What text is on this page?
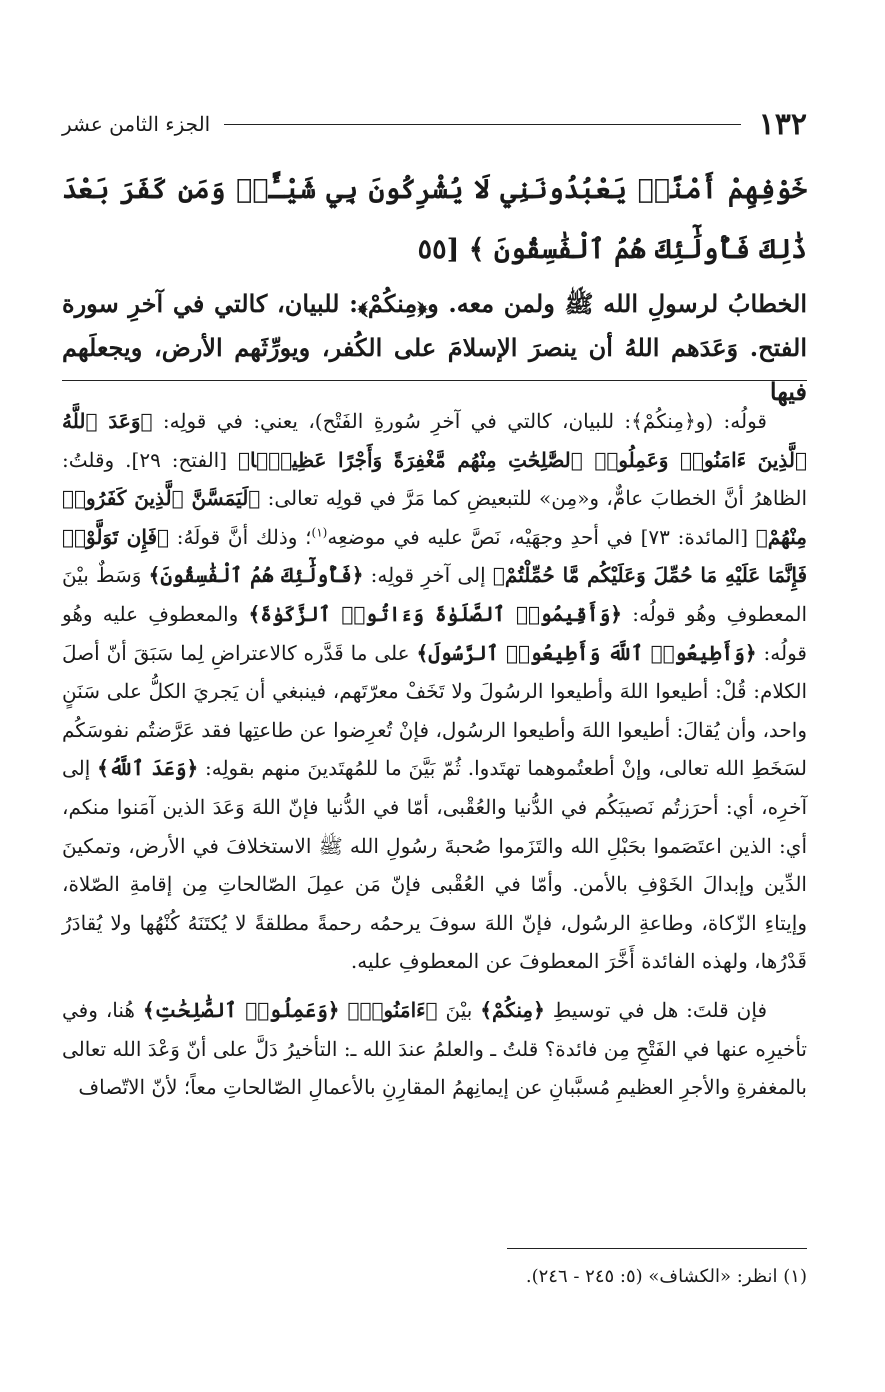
١٣٢
الجزء الثامن عشر
خَوْفِهِمْ أَمْنًاۚ يَعْبُدُونَنِي لَا يُشْرِكُونَ بِي شَيْـًٔاۚ وَمَن كَفَرَ بَعْدَ ذَٰلِكَ فَأُولَٰٓئِكَ هُمُ ٱلْفَٰسِقُونَ ﴾ [٥٥
الخطابُ لرسولِ الله ﷺ ولمن معه. و﴿مِنكُمْ﴾: للبيان، كالتي في آخرِ سورة الفتح. وَعَدَهم اللهُ أن ينصرَ الإسلامَ على الكُفر، ويورِّثَهم الأرض، ويجعلَهم فيها

قولُه: (و﴿مِنكُمْ﴾: للبيان، كالتي في آخرِ سُورةِ الفَتْح)، يعني: في قولِه: ﴿وَعَدَ ٱللَّهُ ٱلَّذِينَ ءَامَنُوا۟ وَعَمِلُوا۟ ٱلصَّٰلِحَٰتِ مِنْهُم مَّغْفِرَةً وَأَجْرًا عَظِيمًۢا﴾ [الفتح: ٢٩]. وقلتُ: الظاهرُ أنَّ الخطابَ عامٌّ، و«مِن» للتبعيضِ كما مَرَّ في قولِه تعالى: ﴿لَيَمَسَّنَّ ٱلَّذِينَ كَفَرُوا۟ مِنْهُمْ﴾ [المائدة: ٧٣] في أحدِ وجهَيْه، نَصَّ عليه في موضعِه$^{(١)}$؛ وذلك أنَّ قولَهُ: ﴿فَإِن تَوَلَّوْا۟ فَإِنَّمَا عَلَيْهِ مَا حُمِّلَ وَعَلَيْكُم مَّا حُمِّلْتُمْ﴾ إلى آخرِ قولِه: ﴿فَأُولَٰٓئِكَ هُمُ ٱلْفَٰسِقُونَ﴾ وَسَطٌ بيْنَ المعطوفِ وهُو قولُه: ﴿وَأَقِيمُوا۟ ٱلصَّلَوٰةَ وَءَاتُوا۟ ٱلزَّكَوٰةَ﴾ والمعطوفِ عليه وهُو قولُه: ﴿وَأَطِيعُوا۟ ٱللَّهَ وَأَطِيعُوا۟ ٱلرَّسُولَ﴾ على ما قَدَّره كالاعتراضِ لِما سَبَقَ أنّ أصلَ الكلام: قُلْ: أطيعوا اللهَ وأطيعوا الرسُولَ ولا تَخَفْ معرّتَهم، فينبغي أن يَجريَ الكلُّ على سَنَنٍ واحد، وأن يُقالَ: أطيعوا اللهَ وأطيعوا الرسُول، فإنْ تُعرِضوا عن طاعتِها فقد عَرَّضتُم نفوسَكُم لسَخَطِ الله تعالى، وإنْ أطعتُموهما تهتَدوا. ثُمّ بَيَّنَ ما للمُهتَدينَ منهم بقولِه: ﴿وَعَدَ ٱللَّهُ﴾ إلى آخرِه، أي: أحرَزتُم نَصيبَكُم في الدُّنيا والعُقْبى، أمّا في الدُّنيا فإنّ اللهَ وَعَدَ الذين آمَنوا منكم، أي: الذين اعتَصَموا بحَبْلِ الله والتَزَموا صُحبةَ رسُولِ الله ﷺ الاستخلافَ في الأرض، وتمكينَ الدِّين وإبدالَ الخَوْفِ بالأمن. وأمّا في العُقْبى فإنّ مَن عمِلَ الصّالحاتِ مِن إقامةِ الصّلاة، وإيتاءِ الزّكاة، وطاعةِ الرسُول، فإنّ اللهَ سوفَ يرحمُه رحمةً مطلقةً لا يُكتَنَهُ كُنْهُها ولا يُقادَرُ قَدْرُها، ولهذه الفائدة أَخَّرَ المعطوفَ عن المعطوفِ عليه.

فإن قلتَ: هل في توسيطِ ﴿مِنكُمْ﴾ بيْنَ ﴿ءَامَنُوا۟﴾ ﴿وَعَمِلُوا۟ ٱلصَّٰلِحَٰتِ﴾ هُنا، وفي تأخيرِه عنها في الفَتْحِ مِن فائدة؟ قلتُ ـ والعلمُ عندَ الله ـ: التأخيرُ دَلَّ على أنّ وَعْدَ الله تعالى بالمغفرةِ والأجرِ العظيمِ مُسبَّبانِ عن إيمانِهمُ المقارِنِ بالأعمالِ الصّالحاتِ معاً؛ لأنّ الاتّصاف

(١) انظر: «الكشاف» (٥: ٢٤٥ - ٢٤٦).
